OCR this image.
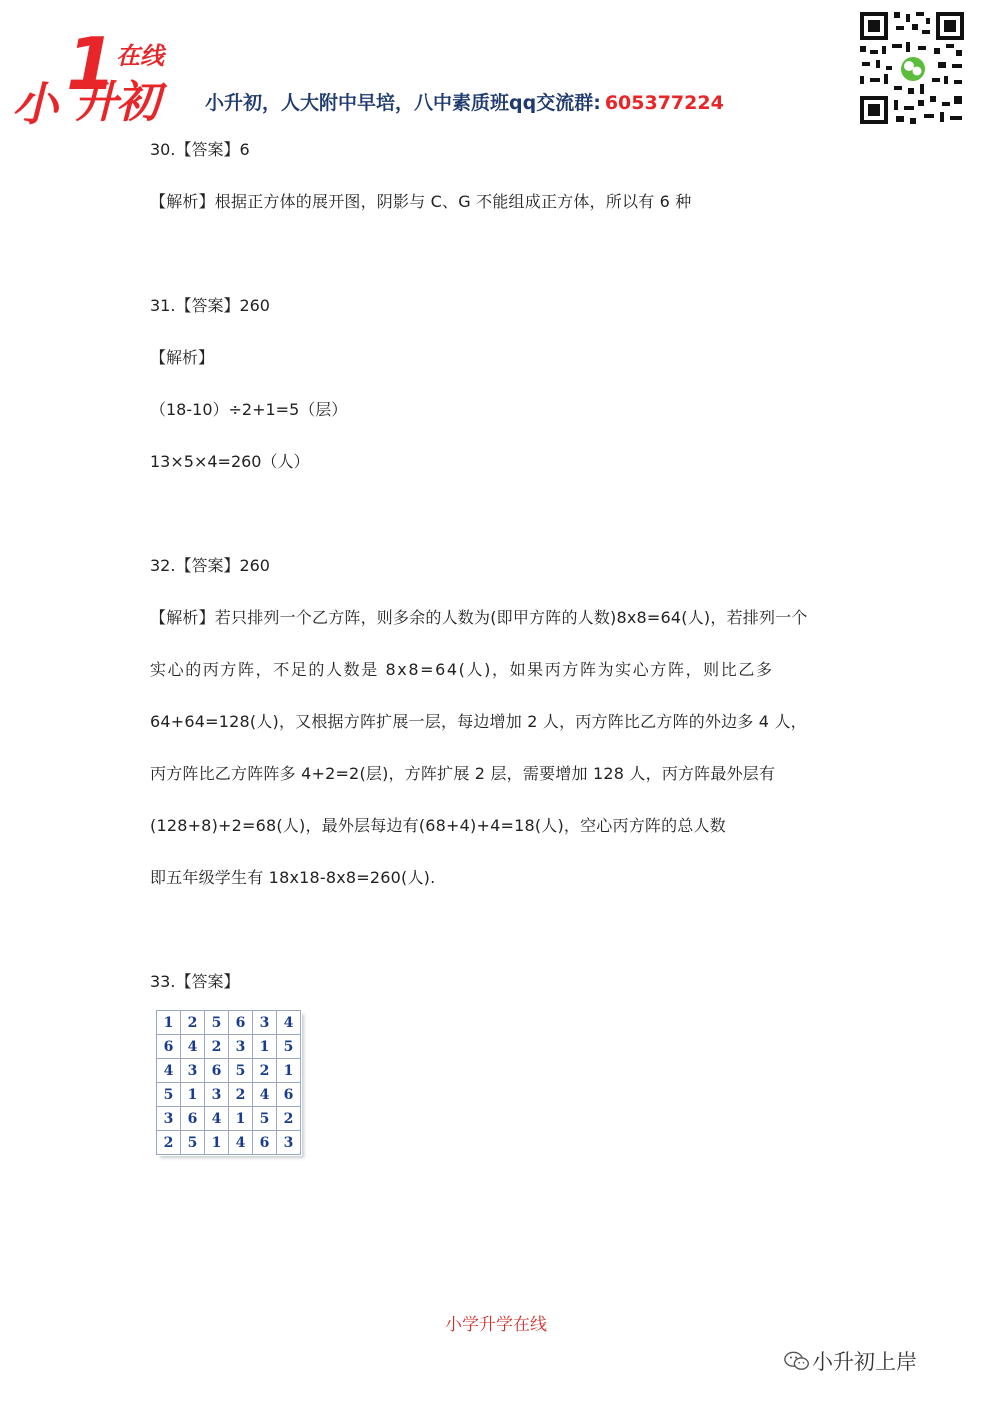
小 1
升初
在线
小升初，人大附中早培，八中素质班qq交流群: 605377224
30.【答案】6
【解析】根据正方体的展开图，阴影与 C、G 不能组成正方体，所以有 6 种
31.【答案】260
【解析】
（18-10）÷2+1=5（层）
13×5×4=260（人）
32.【答案】260
【解析】若只排列一个乙方阵，则多余的人数为(即甲方阵的人数)8x8=64(人)，若排列一个
实心的丙方阵，不足的人数是 8x8=64(人)，如果丙方阵为实心方阵，则比乙多
64+64=128(人)，又根据方阵扩展一层，每边增加 2 人，丙方阵比乙方阵的外边多 4 人，
丙方阵比乙方阵阵多 4+2=2(层)，方阵扩展 2 层，需要增加 128 人，丙方阵最外层有
(128+8)+2=68(人)，最外层每边有(68+4)+4=18(人)，空心丙方阵的总人数
即五年级学生有 18x18-8x8=260(人).
33.【答案】
1	2	5	6	3	4
6	4	2	3	1	5
4	3	6	5	2	1
5	1	3	2	4	6
3	6	4	1	5	2
2	5	1	4	6	3
小学升学在线
小升初上岸
